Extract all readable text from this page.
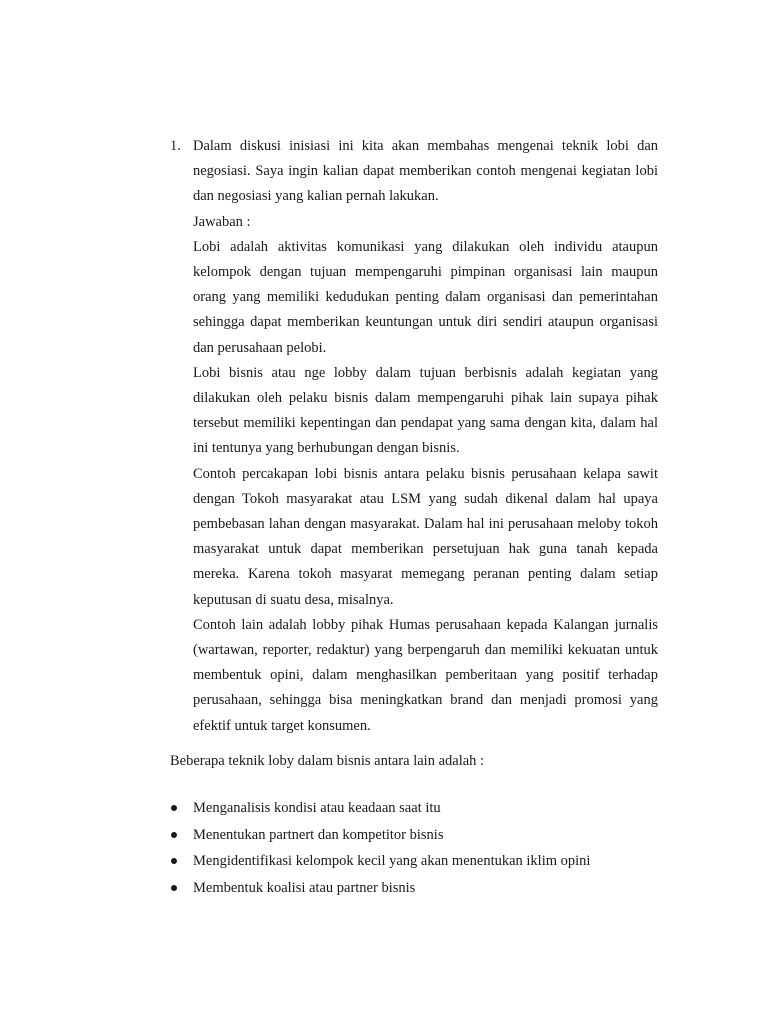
1. Dalam diskusi inisiasi ini kita akan membahas mengenai teknik lobi dan negosiasi. Saya ingin kalian dapat memberikan contoh mengenai kegiatan lobi dan negosiasi yang kalian pernah lakukan.

Jawaban :

Lobi adalah aktivitas komunikasi yang dilakukan oleh individu ataupun kelompok dengan tujuan mempengaruhi pimpinan organisasi lain maupun orang yang memiliki kedudukan penting dalam organisasi dan pemerintahan sehingga dapat memberikan keuntungan untuk diri sendiri ataupun organisasi dan perusahaan pelobi.

Lobi bisnis atau nge lobby dalam tujuan berbisnis adalah kegiatan yang dilakukan oleh pelaku bisnis dalam mempengaruhi pihak lain supaya pihak tersebut memiliki kepentingan dan pendapat yang sama dengan kita, dalam hal ini tentunya yang berhubungan dengan bisnis.

Contoh percakapan lobi bisnis antara pelaku bisnis perusahaan kelapa sawit dengan Tokoh masyarakat atau LSM yang sudah dikenal dalam hal upaya pembebasan lahan dengan masyarakat. Dalam hal ini perusahaan meloby tokoh masyarakat untuk dapat memberikan persetujuan hak guna tanah kepada mereka. Karena tokoh masyarat memegang peranan penting dalam setiap keputusan di suatu desa, misalnya.

Contoh lain adalah lobby pihak Humas perusahaan kepada Kalangan jurnalis (wartawan, reporter, redaktur) yang berpengaruh dan memiliki kekuatan untuk membentuk opini, dalam menghasilkan pemberitaan yang positif terhadap perusahaan, sehingga bisa meningkatkan brand dan menjadi promosi yang efektif untuk target konsumen.

Beberapa teknik loby dalam bisnis antara lain adalah :

Menganalisis kondisi atau keadaan saat itu
Menentukan partnert dan kompetitor bisnis
Mengidentifikasi kelompok kecil yang akan menentukan iklim opini
Membentuk koalisi atau partner bisnis
